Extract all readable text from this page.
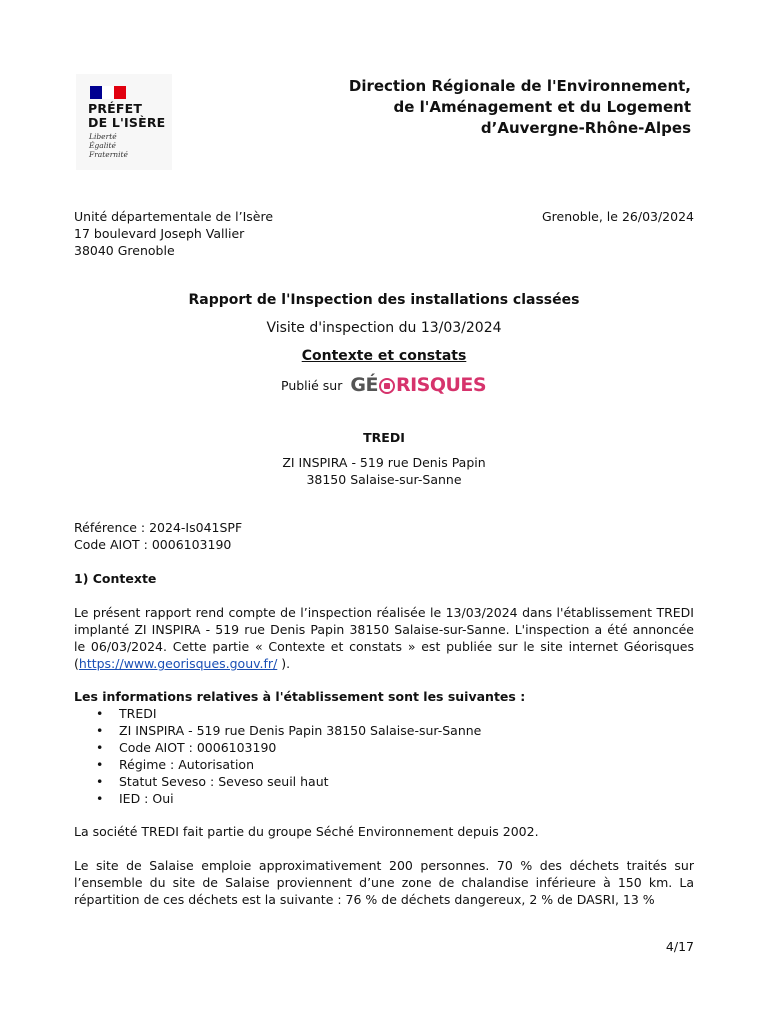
PRÉFET
DE L'ISÈRE
Liberté
Égalité
Fraternité
Direction Régionale de l'Environnement,
de l'Aménagement et du Logement
d’Auvergne-Rhône-Alpes
Unité départementale de l’Isère
17 boulevard Joseph Vallier
38040 Grenoble
Grenoble, le 26/03/2024
Rapport de l'Inspection des installations classées
Visite d'inspection du 13/03/2024
Contexte et constats
Publié sur GÉ RISQUES
TREDI
ZI INSPIRA - 519 rue Denis Papin
38150 Salaise-sur-Sanne
Référence : 2024-Is041SPF
Code AIOT : 0006103190
1) Contexte
Le présent rapport rend compte de l’inspection réalisée le 13/03/2024 dans l'établissement TREDI implanté ZI INSPIRA - 519 rue Denis Papin 38150 Salaise-sur-Sanne. L'inspection a été annoncée le 06/03/2024. Cette partie « Contexte et constats » est publiée sur le site internet Géorisques (https://www.georisques.gouv.fr/ ).
Les informations relatives à l'établissement sont les suivantes :
• TREDI
• ZI INSPIRA - 519 rue Denis Papin 38150 Salaise-sur-Sanne
• Code AIOT : 0006103190
• Régime : Autorisation
• Statut Seveso : Seveso seuil haut
• IED : Oui
La société TREDI fait partie du groupe Séché Environnement depuis 2002.
Le site de Salaise emploie approximativement 200 personnes. 70 % des déchets traités sur l’ensemble du site de Salaise proviennent d’une zone de chalandise inférieure à 150 km. La répartition de ces déchets est la suivante : 76 % de déchets dangereux, 2 % de DASRI, 13 %
4/17
